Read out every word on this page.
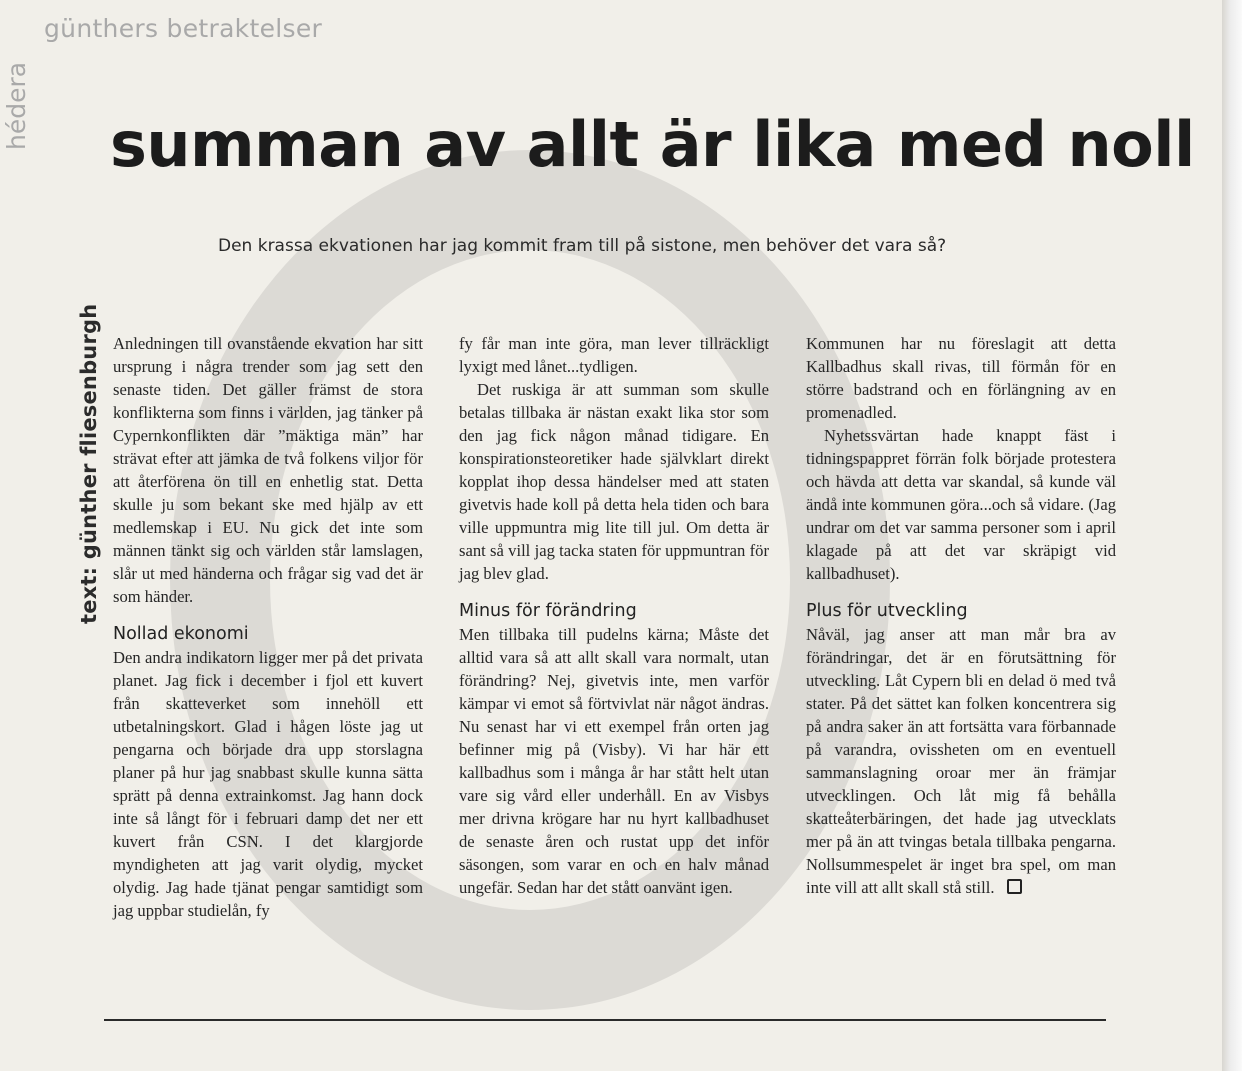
günthers betraktelser
hédera
text: günther fliesenburgh
summan av allt är lika med noll

Den krassa ekvationen har jag kommit fram till på sistone, men behöver det vara så?

Anledningen till ovanstående ekvation har sitt ursprung i några trender som jag sett den senaste tiden. Det gäller främst de stora konflikterna som finns i världen, jag tänker på Cypernkonflikten där ”mäktiga män” har strävat efter att jämka de två folkens viljor för att återförena ön till en enhetlig stat. Detta skulle ju som bekant ske med hjälp av ett medlemskap i EU. Nu gick det inte som männen tänkt sig och världen står lamslagen, slår ut med händerna och frågar sig vad det är som händer.

Nollad ekonomi

Den andra indikatorn ligger mer på det privata planet. Jag fick i december i fjol ett kuvert från skatteverket som innehöll ett utbetalningskort. Glad i hågen löste jag ut pengarna och började dra upp storslagna planer på hur jag snabbast skulle kunna sätta sprätt på denna extrainkomst. Jag hann dock inte så långt för i februari damp det ner ett kuvert från CSN. I det klargjorde myndigheten att jag varit olydig, mycket olydig. Jag hade tjänat pengar samtidigt som jag uppbar studielån, fy

fy får man inte göra, man lever tillräckligt lyxigt med lånet...tydligen.

Det ruskiga är att summan som skulle betalas tillbaka är nästan exakt lika stor som den jag fick någon månad tidigare. En konspirationsteoretiker hade självklart direkt kopplat ihop dessa händelser med att staten givetvis hade koll på detta hela tiden och bara ville uppmuntra mig lite till jul. Om detta är sant så vill jag tacka staten för uppmuntran för jag blev glad.

Minus för förändring

Men tillbaka till pudelns kärna; Måste det alltid vara så att allt skall vara normalt, utan förändring? Nej, givetvis inte, men varför kämpar vi emot så förtvivlat när något ändras. Nu senast har vi ett exempel från orten jag befinner mig på (Visby). Vi har här ett kallbadhus som i många år har stått helt utan vare sig vård eller underhåll. En av Visbys mer drivna krögare har nu hyrt kallbadhuset de senaste åren och rustat upp det inför säsongen, som varar en och en halv månad ungefär. Sedan har det stått oanvänt igen.

Kommunen har nu föreslagit att detta Kallbadhus skall rivas, till förmån för en större badstrand och en förlängning av en promenadled.

Nyhetssvärtan hade knappt fäst i tidningspappret förrän folk började protestera och hävda att detta var skandal, så kunde väl ändå inte kommunen göra...och så vidare. (Jag undrar om det var samma personer som i april klagade på att det var skräpigt vid kallbadhuset).

Plus för utveckling

Nåväl, jag anser att man mår bra av förändringar, det är en förutsättning för utveckling. Låt Cypern bli en delad ö med två stater. På det sättet kan folken koncentrera sig på andra saker än att fortsätta vara förbannade på varandra, ovissheten om en eventuell sammanslagning oroar mer än främjar utvecklingen. Och låt mig få behålla skatteåterbäringen, det hade jag utvecklats mer på än att tvingas betala tillbaka pengarna. Nollsummespelet är inget bra spel, om man inte vill att allt skall stå still.
